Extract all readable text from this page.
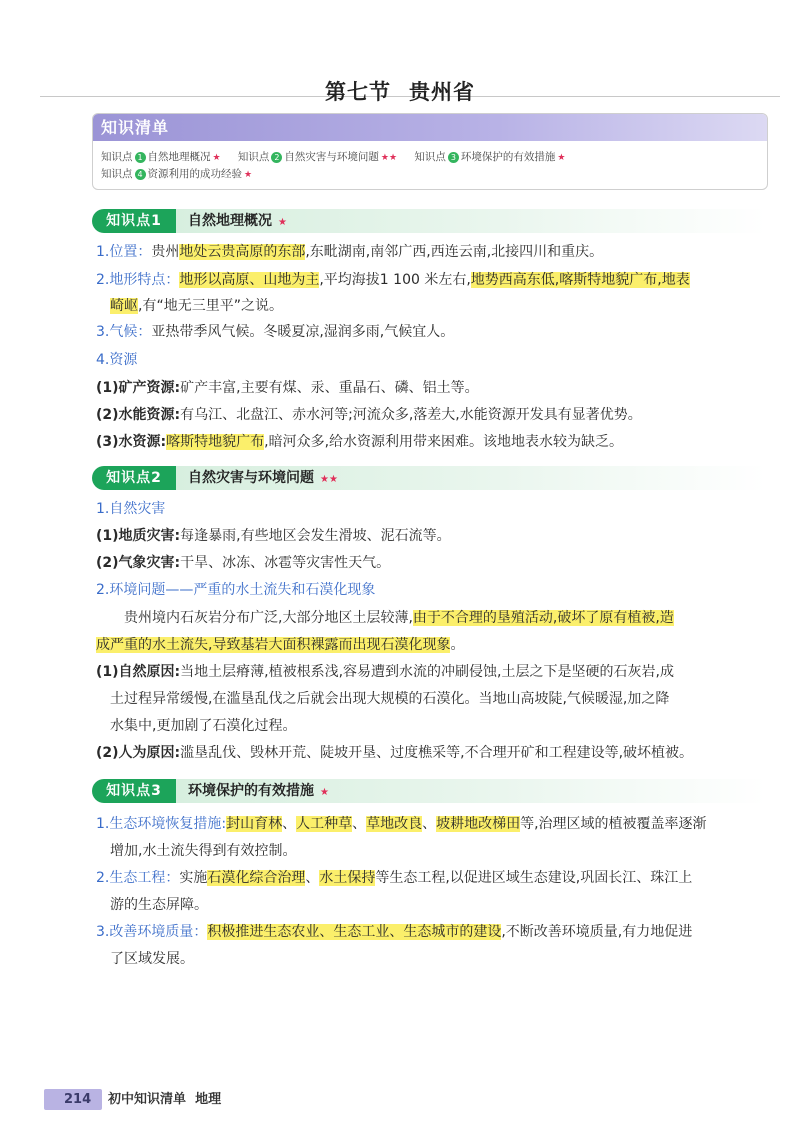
第七节 贵州省
知识清单
知识点 1 自然地理概况 ★ 知识点 2 自然灾害与环境问题 ★★ 知识点 3 环境保护的有效措施 ★
知识点 4 资源利用的成功经验 ★
知识点1	自然地理概况 ★
1.位置：贵州地处云贵高原的东部,东毗湖南,南邻广西,西连云南,北接四川和重庆。
2.地形特点：地形以高原、山地为主,平均海拔1 100 米左右,地势西高东低,喀斯特地貌广布,地表
崎岖,有“地无三里平”之说。
3.气候：亚热带季风气候。冬暖夏凉,湿润多雨,气候宜人。
4.资源
(1)矿产资源:矿产丰富,主要有煤、汞、重晶石、磷、铝土等。
(2)水能资源:有乌江、北盘江、赤水河等;河流众多,落差大,水能资源开发具有显著优势。
(3)水资源:喀斯特地貌广布,暗河众多,给水资源利用带来困难。该地地表水较为缺乏。
知识点2	自然灾害与环境问题 ★★
1.自然灾害
(1)地质灾害:每逢暴雨,有些地区会发生滑坡、泥石流等。
(2)气象灾害:干旱、冰冻、冰雹等灾害性天气。
2.环境问题——严重的水土流失和石漠化现象
贵州境内石灰岩分布广泛,大部分地区土层较薄,由于不合理的垦殖活动,破坏了原有植被,造
成严重的水土流失,导致基岩大面积裸露而出现石漠化现象。
(1)自然原因:当地土层瘠薄,植被根系浅,容易遭到水流的冲刷侵蚀,土层之下是坚硬的石灰岩,成
土过程异常缓慢,在滥垦乱伐之后就会出现大规模的石漠化。当地山高坡陡,气候暖湿,加之降
水集中,更加剧了石漠化过程。
(2)人为原因:滥垦乱伐、毁林开荒、陡坡开垦、过度樵采等,不合理开矿和工程建设等,破坏植被。
知识点3	环境保护的有效措施 ★
1.生态环境恢复措施:封山育林、人工种草、草地改良、坡耕地改梯田等,治理区域的植被覆盖率逐渐
增加,水土流失得到有效控制。
2.生态工程：实施石漠化综合治理、水土保持等生态工程,以促进区域生态建设,巩固长江、珠江上
游的生态屏障。
3.改善环境质量：积极推进生态农业、生态工业、生态城市的建设,不断改善环境质量,有力地促进
了区域发展。
214 初中知识清单 地理
